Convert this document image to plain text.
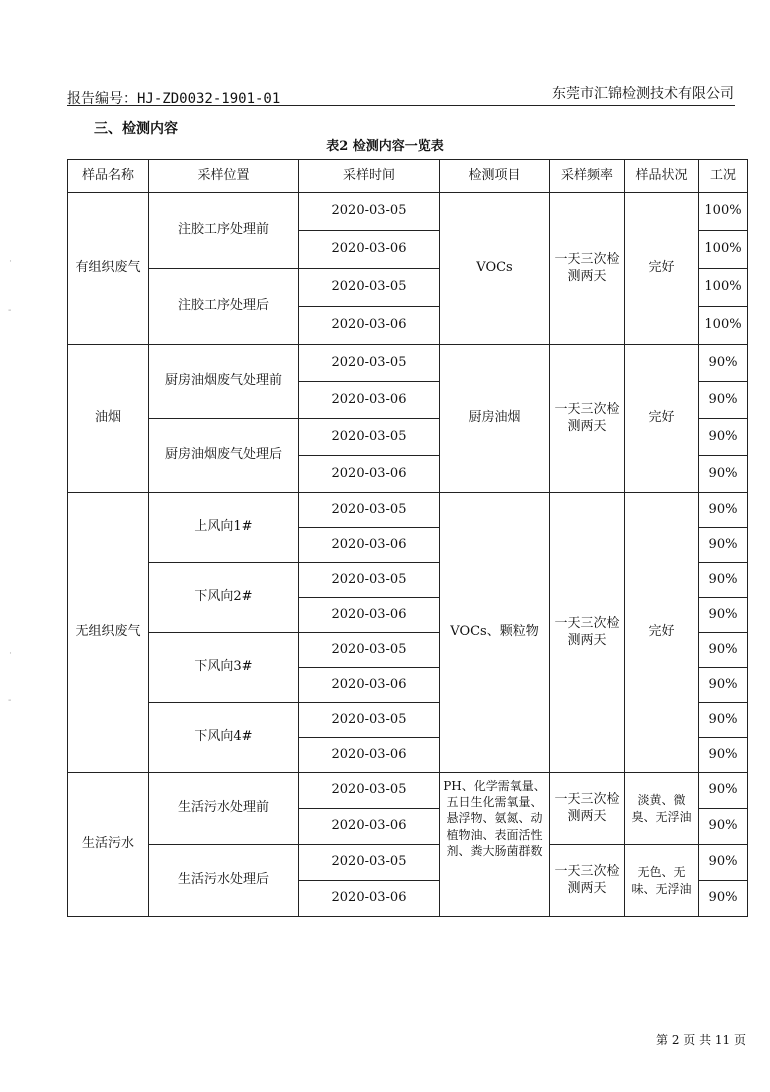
报告编号：HJ-ZD0032-1901-01	东莞市汇锦检测技术有限公司
三、检测内容
表2 检测内容一览表
˙
-
˙
-
样品名称	采样位置	采样时间	检测项目	采样频率	样品状况	工况
有组织废气	注胶工序处理前	2020-03-05	VOCs	一天三次检测两天	完好	100%
		2020-03-06				100%
	注胶工序处理后	2020-03-05				100%
		2020-03-06				100%
油烟	厨房油烟废气处理前	2020-03-05	厨房油烟	一天三次检测两天	完好	90%
		2020-03-06				90%
	厨房油烟废气处理后	2020-03-05				90%
		2020-03-06				90%
无组织废气	上风向1#	2020-03-05	VOCs、颗粒物	一天三次检测两天	完好	90%
		2020-03-06				90%
	下风向2#	2020-03-05				90%
		2020-03-06				90%
	下风向3#	2020-03-05				90%
		2020-03-06				90%
	下风向4#	2020-03-05				90%
		2020-03-06				90%
生活污水	生活污水处理前	2020-03-05	PH、化学需氧量、五日生化需氧量、悬浮物、氨氮、动植物油、表面活性剂、粪大肠菌群数	一天三次检测两天	淡黄、微臭、无浮油	90%
		2020-03-06				90%
	生活污水处理后	2020-03-05		一天三次检测两天	无色、无味、无浮油	90%
		2020-03-06				90%
第 2 页 共 11 页
